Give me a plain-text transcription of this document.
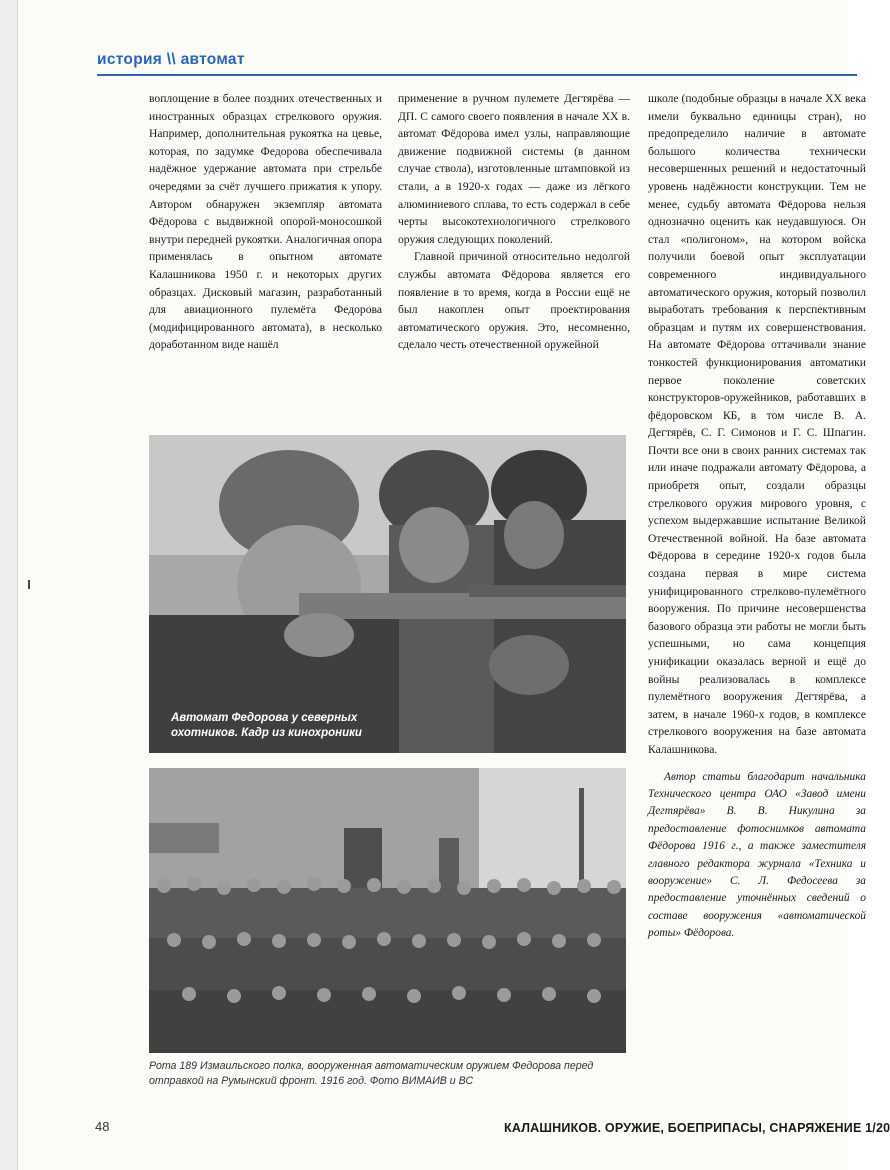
история \\ автомат

воплощение в более поздних отечественных и иностранных образцах стрелкового оружия. Например, дополнительная рукоятка на цевье, которая, по задумке Федорова обеспечивала надёжное удержание автомата при стрельбе очередями за счёт лучшего прижатия к упору. Автором обнаружен экземпляр автомата Фёдорова с выдвижной опорой-моносошкой внутри передней рукоятки. Аналогичная опора применялась в опытном автомате Калашникова 1950 г. и некоторых других образцах. Дисковый магазин, разработанный для авиационного пулемёта Федорова (модифицированного автомата), в несколько доработанном виде нашёл

применение в ручном пулемете Дегтярёва — ДП. С самого своего появления в начале XX в. автомат Фёдорова имел узлы, направляющие движение подвижной системы (в данном случае ствола), изготовленные штамповкой из стали, а в 1920-х годах — даже из лёгкого алюминиевого сплава, то есть содержал в себе черты высокотехнологичного стрелкового оружия следующих поколений.

Главной причиной относительно недолгой службы автомата Фёдорова является его появление в то время, когда в России ещё не был накоплен опыт проектирования автоматического оружия. Это, несомненно, сделало честь отечественной оружейной

школе (подобные образцы в начале XX века имели буквально единицы стран), но предопределило наличие в автомате большого количества технически несовершенных решений и недостаточный уровень надёжности конструкции. Тем не менее, судьбу автомата Фёдорова нельзя однозначно оценить как неудавшуюся. Он стал «полигоном», на котором войска получили боевой опыт эксплуатации современного индивидуального автоматического оружия, который позволил выработать требования к перспективным образцам и путям их совершенствования. На автомате Фёдорова оттачивали знание тонкостей функционирования автоматики первое поколение советских конструкторов-оружейников, работавших в фёдоровском КБ, в том числе В. А. Дегтярёв, С. Г. Симонов и Г. С. Шпагин. Почти все они в своих ранних системах так или иначе подражали автомату Фёдорова, а приобретя опыт, создали образцы стрелкового оружия мирового уровня, с успехом выдержавшие испытание Великой Отечественной войной. На базе автомата Фёдорова в середине 1920-х годов была создана первая в мире система унифицированного стрелково-пулемётного вооружения. По причине несовершенства базового образца эти работы не могли быть успешными, но сама концепция унификации оказалась верной и ещё до войны реализовалась в комплексе пулемётного вооружения Дегтярёва, а затем, в начале 1960-х годов, в комплексе стрелкового вооружения на базе автомата Калашникова.

Автор статьи благодарит начальника Технического центра ОАО «Завод имени Дегтярёва» В. В. Никулина за предоставление фотоснимков автомата Фёдорова 1916 г., а также заместителя главного редактора журнала «Техника и вооружение» С. Л. Федосеева за предоставление уточнённых сведений о составе вооружения «автоматической роты» Фёдорова.

Автомат Федорова у северных охотников. Кадр из кинохроники
Рота 189 Измаильского полка, вооруженная автоматическим оружием Федорова перед отправкой на Румынский фронт. 1916 год. Фото ВИМАИВ и ВС
48	КАЛАШНИКОВ. ОРУЖИЕ, БОЕПРИПАСЫ, СНАРЯЖЕНИЕ 1/20
